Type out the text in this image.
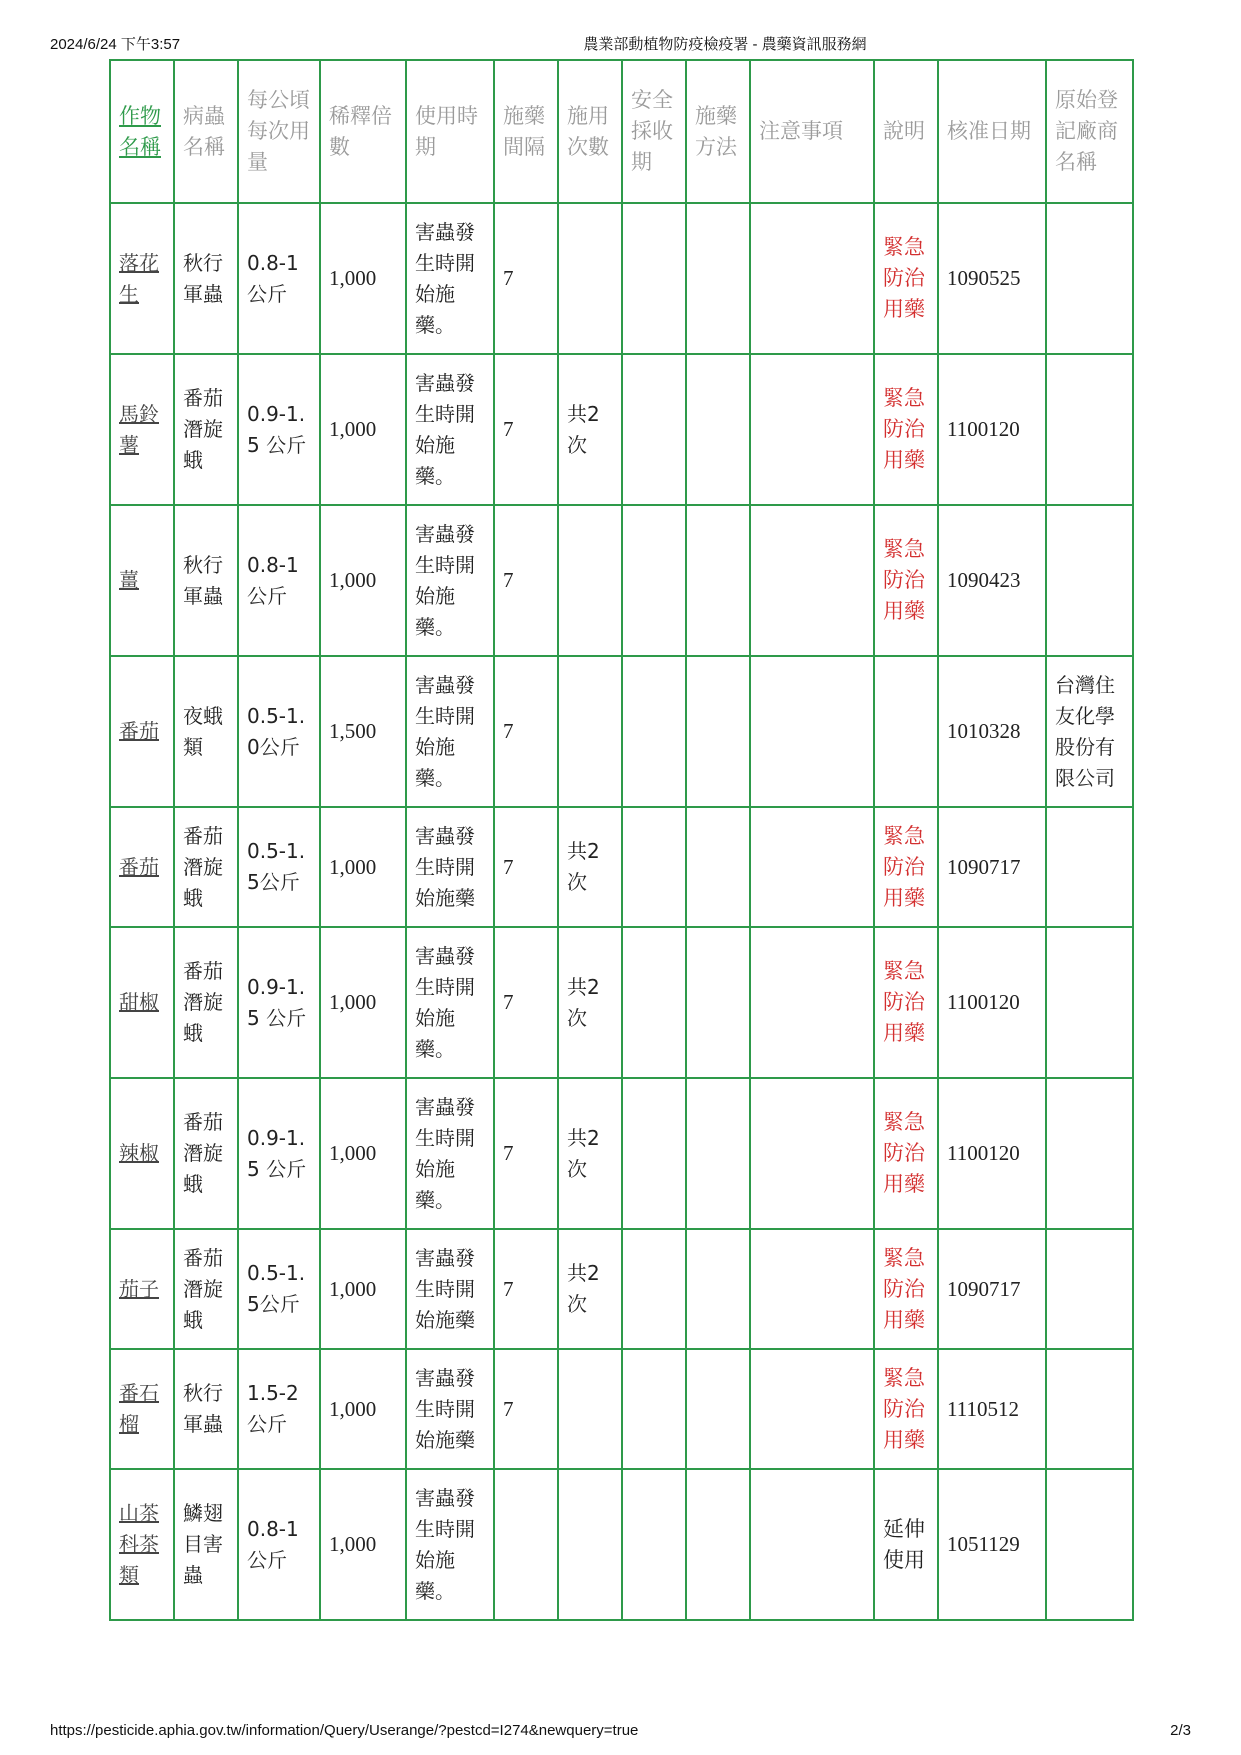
2024/6/24 下午3:57	農業部動植物防疫檢疫署 - 農藥資訊服務網
作物名稱	病蟲名稱	每公頃每次用量	稀釋倍數	使用時期	施藥間隔	施用次數	安全採收期	施藥方法	注意事項	說明	核准日期	原始登記廠商名稱
落花生	秋行軍蟲	0.8-1公斤	1,000	害蟲發生時開始施藥。	7					緊急防治用藥	1090525	
馬鈴薯	番茄潛旋蛾	0.9-1.5 公斤	1,000	害蟲發生時開始施藥。	7	共2次				緊急防治用藥	1100120	
薑	秋行軍蟲	0.8-1公斤	1,000	害蟲發生時開始施藥。	7					緊急防治用藥	1090423	
番茄	夜蛾類	0.5-1.0公斤	1,500	害蟲發生時開始施藥。	7						1010328	台灣住友化學股份有限公司
番茄	番茄潛旋蛾	0.5-1.5公斤	1,000	害蟲發生時開始施藥	7	共2次				緊急防治用藥	1090717	
甜椒	番茄潛旋蛾	0.9-1.5 公斤	1,000	害蟲發生時開始施藥。	7	共2次				緊急防治用藥	1100120	
辣椒	番茄潛旋蛾	0.9-1.5 公斤	1,000	害蟲發生時開始施藥。	7	共2次				緊急防治用藥	1100120	
茄子	番茄潛旋蛾	0.5-1.5公斤	1,000	害蟲發生時開始施藥	7	共2次				緊急防治用藥	1090717	
番石榴	秋行軍蟲	1.5-2公斤	1,000	害蟲發生時開始施藥	7					緊急防治用藥	1110512	
山茶科茶類	鱗翅目害蟲	0.8-1公斤	1,000	害蟲發生時開始施藥。						延伸使用	1051129	
https://pesticide.aphia.gov.tw/information/Query/Userange/?pestcd=I274&newquery=true	2/3
